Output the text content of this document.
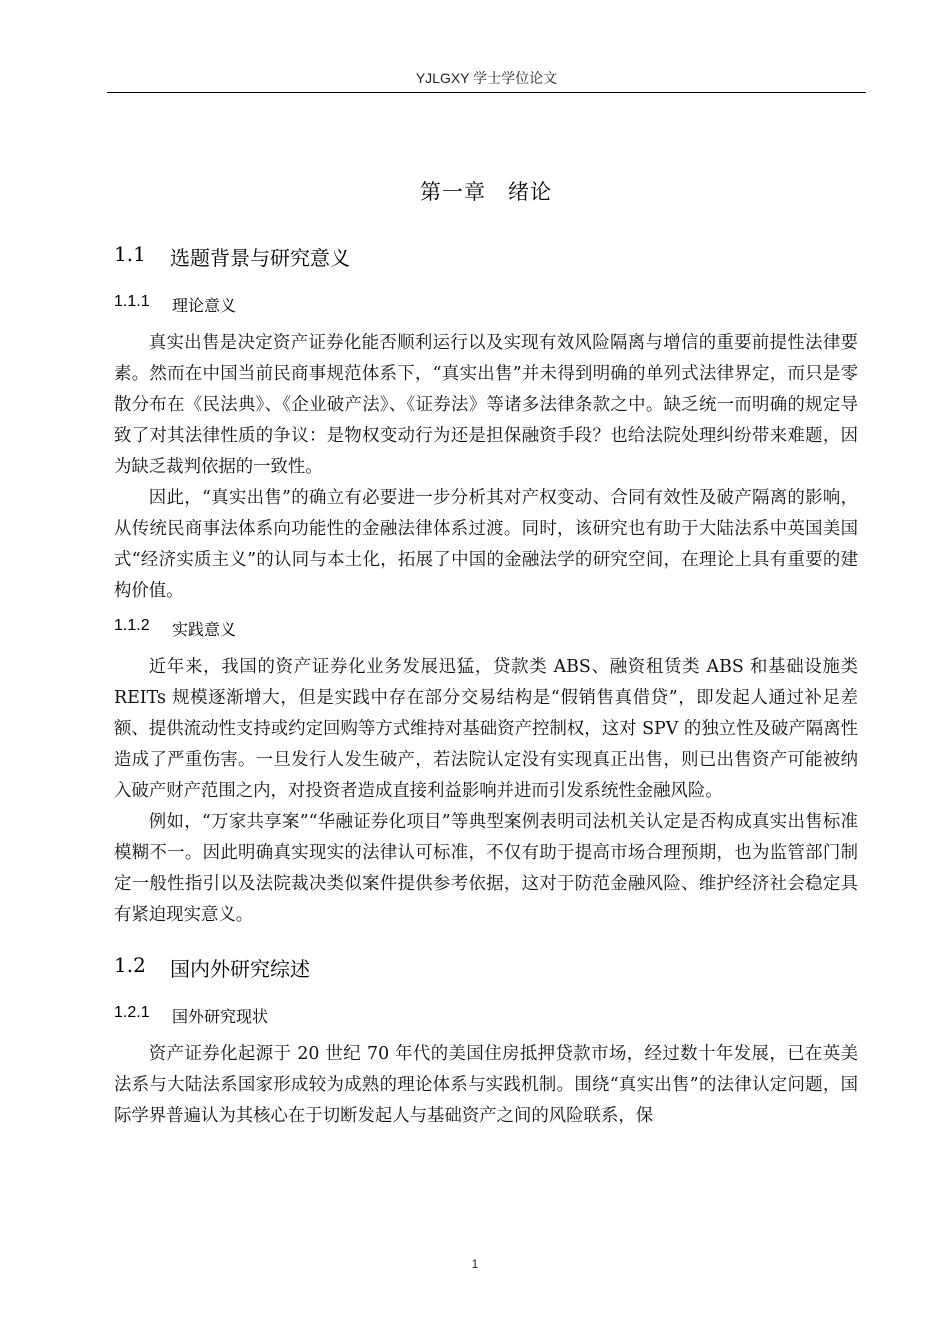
YJLGXY 学士学位论文
第一章　绪论
1.1	选题背景与研究意义
1.1.1	理论意义

真实出售是决定资产证券化能否顺利运行以及实现有效风险隔离与增信的重要前提性法律要素。然而在中国当前民商事规范体系下，“真实出售”并未得到明确的单列式法律界定，而只是零散分布在《民法典》、《企业破产法》、《证券法》等诸多法律条款之中。缺乏统一而明确的规定导致了对其法律性质的争议：是物权变动行为还是担保融资手段？也给法院处理纠纷带来难题，因为缺乏裁判依据的一致性。

因此，“真实出售”的确立有必要进一步分析其对产权变动、合同有效性及破产隔离的影响，从传统民商事法体系向功能性的金融法律体系过渡。同时，该研究也有助于大陆法系中英国美国式“经济实质主义”的认同与本土化，拓展了中国的金融法学的研究空间，在理论上具有重要的建构价值。

1.1.2	实践意义

近年来，我国的资产证券化业务发展迅猛，贷款类 ABS、融资租赁类 ABS 和基础设施类 REITs 规模逐渐增大，但是实践中存在部分交易结构是“假销售真借贷”，即发起人通过补足差额、提供流动性支持或约定回购等方式维持对基础资产控制权，这对 SPV 的独立性及破产隔离性造成了严重伤害。一旦发行人发生破产，若法院认定没有实现真正出售，则已出售资产可能被纳入破产财产范围之内，对投资者造成直接利益影响并进而引发系统性金融风险。

例如，“万家共享案”“华融证券化项目”等典型案例表明司法机关认定是否构成真实出售标准模糊不一。因此明确真实现实的法律认可标准，不仅有助于提高市场合理预期，也为监管部门制定一般性指引以及法院裁决类似案件提供参考依据，这对于防范金融风险、维护经济社会稳定具有紧迫现实意义。

1.2	国内外研究综述
1.2.1	国外研究现状

资产证券化起源于 20 世纪 70 年代的美国住房抵押贷款市场，经过数十年发展，已在英美法系与大陆法系国家形成较为成熟的理论体系与实践机制。围绕“真实出售”的法律认定问题，国际学界普遍认为其核心在于切断发起人与基础资产之间的风险联系，保

1
